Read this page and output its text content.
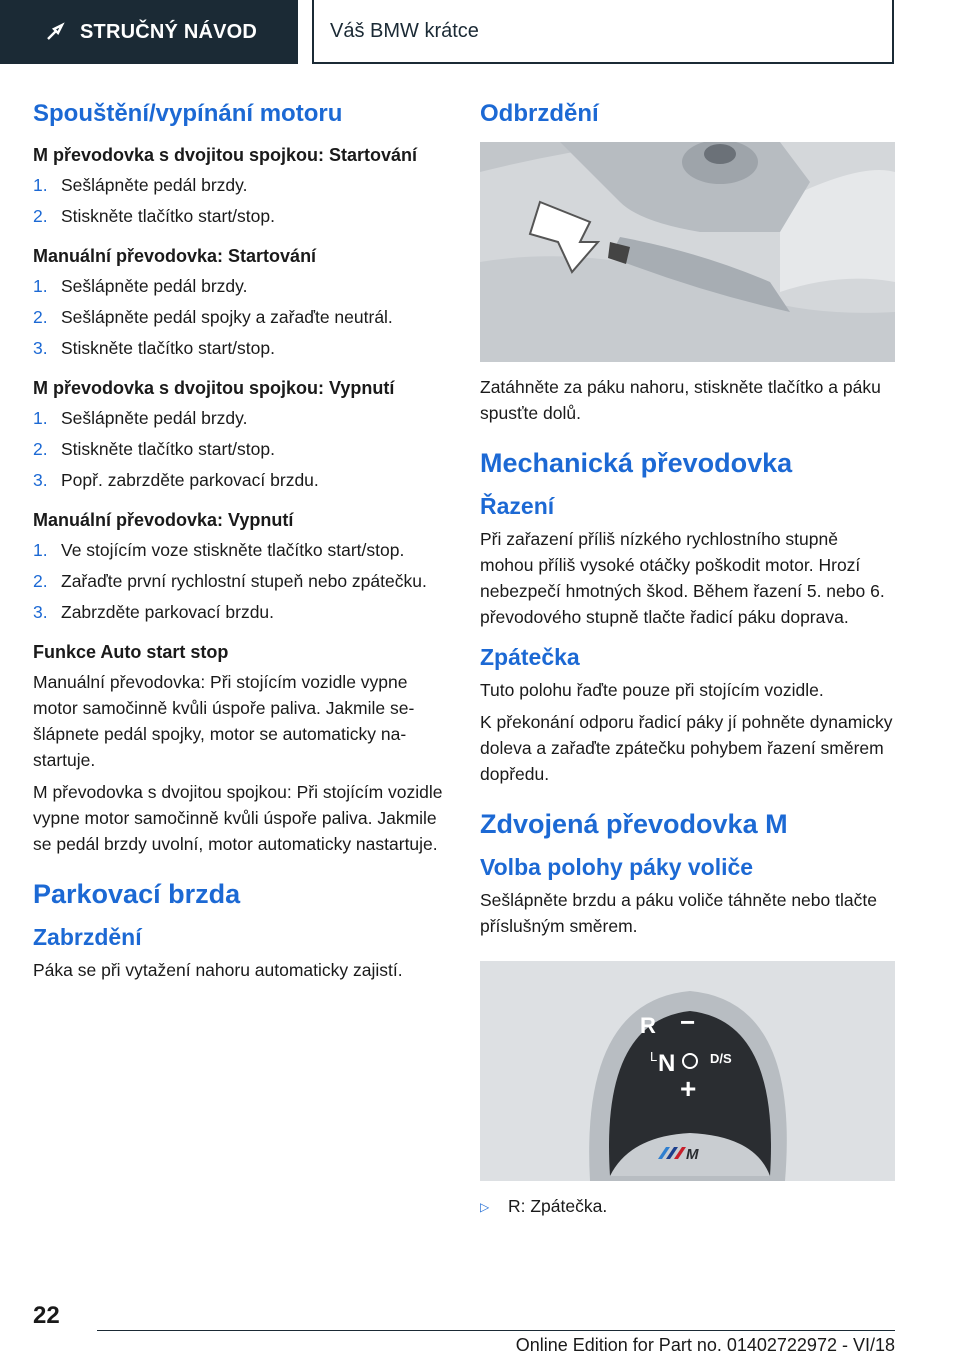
STRUČNÝ NÁVOD	Váš BMW krátce
Spouštění/vypínání motoru
M převodovka s dvojitou spojkou: Startování
1. Sešlápněte pedál brzdy.
2. Stiskněte tlačítko start/stop.
Manuální převodovka: Startování
1. Sešlápněte pedál brzdy.
2. Sešlápněte pedál spojky a zařaďte neutrál.
3. Stiskněte tlačítko start/stop.
M převodovka s dvojitou spojkou: Vypnutí
1. Sešlápněte pedál brzdy.
2. Stiskněte tlačítko start/stop.
3. Popř. zabrzděte parkovací brzdu.
Manuální převodovka: Vypnutí
1. Ve stojícím voze stiskněte tlačítko start/stop.
2. Zařaďte první rychlostní stupeň nebo zpátečku.
3. Zabrzděte parkovací brzdu.
Funkce Auto start stop

Manuální převodovka: Při stojícím vozidle vypne motor samočinně kvůli úspoře paliva. Jakmile sešlápnete pedál spojky, motor se automaticky nastartuje.

M převodovka s dvojitou spojkou: Při stojícím vozidle vypne motor samočinně kvůli úspoře paliva. Jakmile se pedál brzdy uvolní, motor automaticky nastartuje.

Parkovací brzda
Zabrzdění

Páka se při vytažení nahoru automaticky zajistí.

Odbrzdění

Zatáhněte za páku nahoru, stiskněte tlačítko a páku spusťte dolů.

Mechanická převodovka
Řazení

Při zařazení příliš nízkého rychlostního stupně mohou příliš vysoké otáčky poškodit motor. Hrozí nebezpečí hmotných škod. Během řazení 5. nebo 6. převodového stupně tlačte řadicí páku doprava.

Zpátečka

Tuto polohu řaďte pouze při stojícím vozidle.

K překonání odporu řadicí páky jí pohněte dynamicky doleva a zařaďte zpátečku pohybem řazení směrem dopředu.

Zdvojená převodovka M
Volba polohy páky voliče

Sešlápněte brzdu a páku voliče táhněte nebo tlačte příslušným směrem.

R −
L N	D/S
+
M
▷	R: Zpátečka.
22
Online Edition for Part no. 01402722972 - VI/18
